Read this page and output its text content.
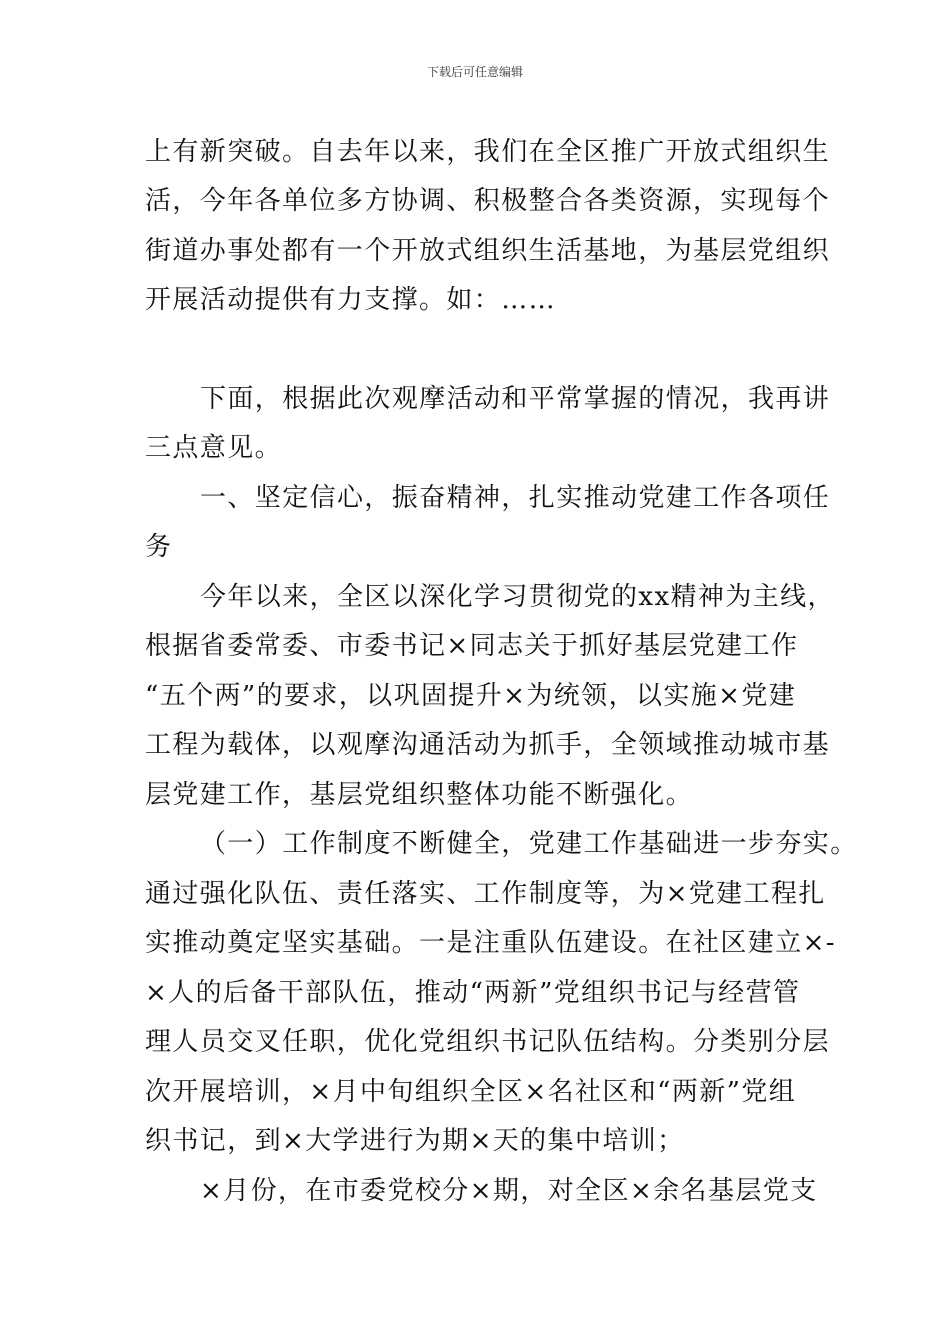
下载后可任意编辑
上有新突破。自去年以来，我们在全区推广开放式组织生
活，今年各单位多方协调、积极整合各类资源，实现每个
街道办事处都有一个开放式组织生活基地，为基层党组织
开展活动提供有力支撑。如：……
下面，根据此次观摩活动和平常掌握的情况，我再讲
三点意见。
一、坚定信心，振奋精神，扎实推动党建工作各项任
务
今年以来，全区以深化学习贯彻党的xx精神为主线，
根据省委常委、市委书记×同志关于抓好基层党建工作
“五个两”的要求，以巩固提升×为统领，以实施×党建
工程为载体，以观摩沟通活动为抓手，全领域推动城市基
层党建工作，基层党组织整体功能不断强化。
（一）工作制度不断健全，党建工作基础进一步夯实。
通过强化队伍、责任落实、工作制度等，为×党建工程扎
实推动奠定坚实基础。一是注重队伍建设。在社区建立×-
×人的后备干部队伍，推动“两新”党组织书记与经营管
理人员交叉任职，优化党组织书记队伍结构。分类别分层
次开展培训，×月中旬组织全区×名社区和“两新”党组
织书记，到×大学进行为期×天的集中培训；
×月份，在市委党校分×期，对全区×余名基层党支
